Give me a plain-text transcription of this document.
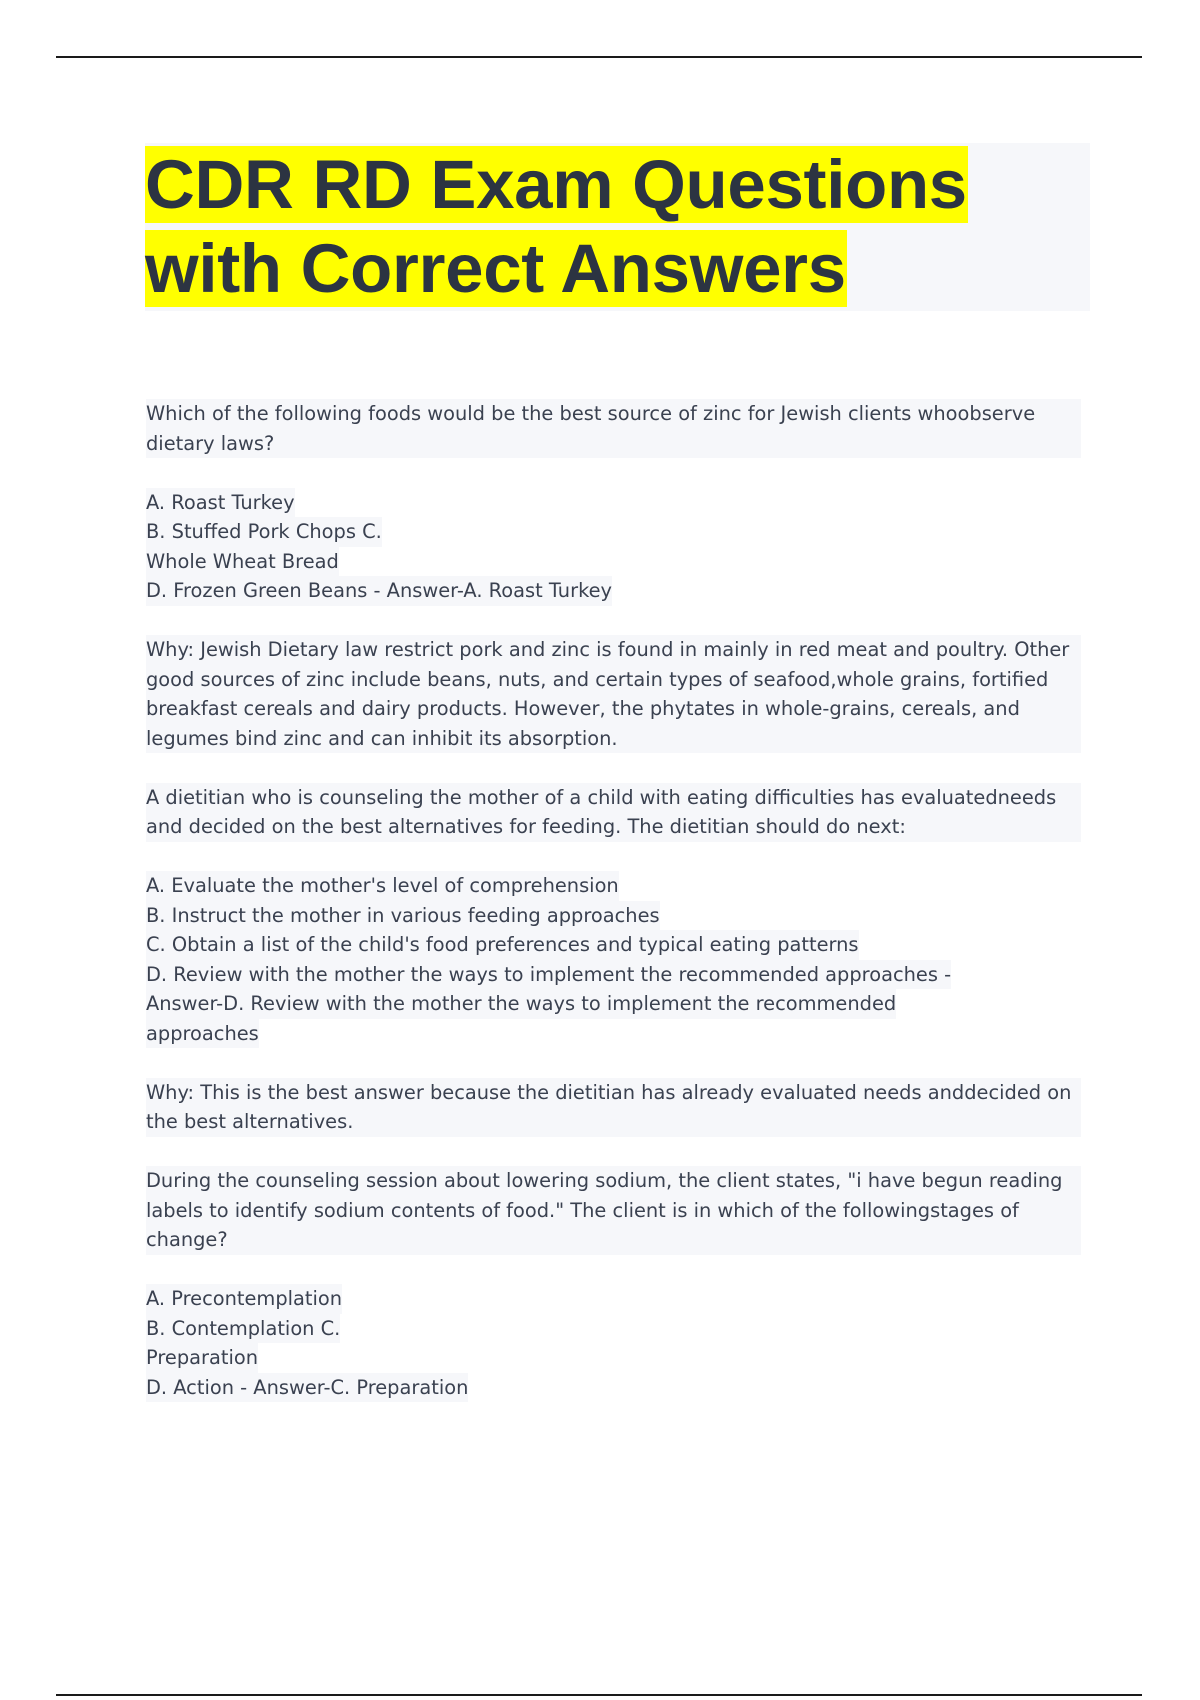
CDR RD Exam Questions
with Correct Answers

Which of the following foods would be the best source of zinc for Jewish clients whoobserve dietary laws?

A. Roast Turkey
B. Stuffed Pork Chops C.
Whole Wheat Bread
D. Frozen Green Beans - Answer-A. Roast Turkey

Why: Jewish Dietary law restrict pork and zinc is found in mainly in red meat and poultry. Other good sources of zinc include beans, nuts, and certain types of seafood,whole grains, fortified breakfast cereals and dairy products. However, the phytates in whole-grains, cereals, and legumes bind zinc and can inhibit its absorption.

A dietitian who is counseling the mother of a child with eating difficulties has evaluatedneeds and decided on the best alternatives for feeding. The dietitian should do next:

A. Evaluate the mother's level of comprehension
B. Instruct the mother in various feeding approaches
C. Obtain a list of the child's food preferences and typical eating patterns
D. Review with the mother the ways to implement the recommended approaches -
Answer-D. Review with the mother the ways to implement the recommended
approaches

Why: This is the best answer because the dietitian has already evaluated needs anddecided on the best alternatives.

During the counseling session about lowering sodium, the client states, "i have begun reading labels to identify sodium contents of food." The client is in which of the followingstages of change?

A. Precontemplation
B. Contemplation C.
Preparation
D. Action - Answer-C. Preparation
